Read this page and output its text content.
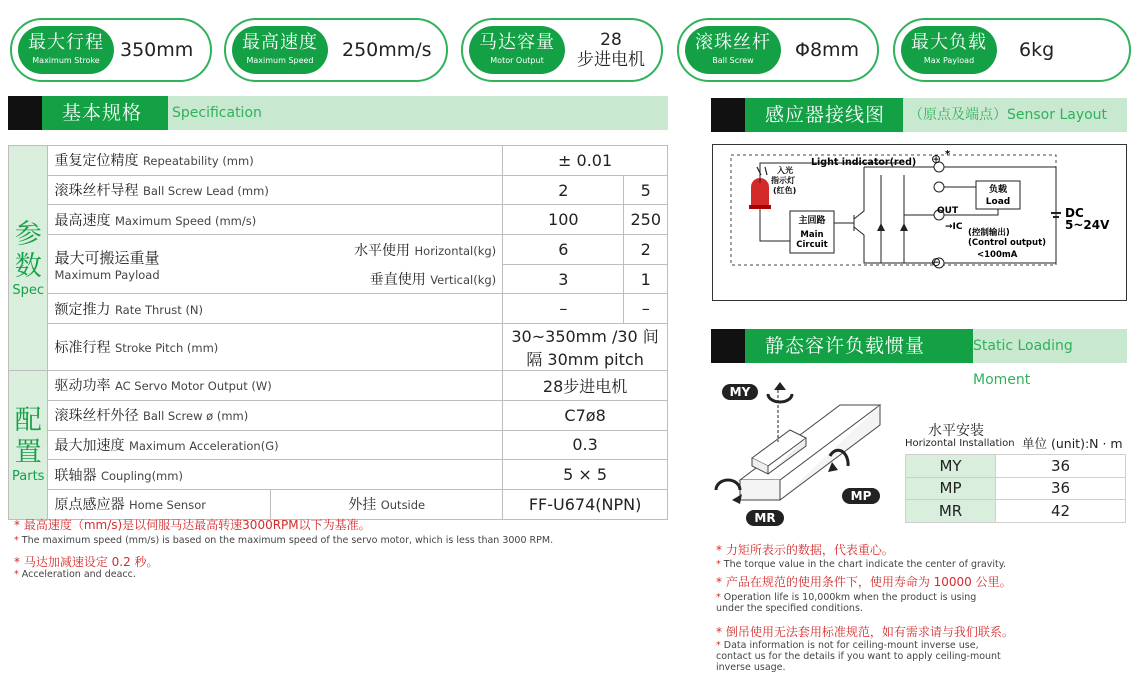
最大行程
Maximum Stroke	350mm	最高速度
Maximum Speed	250mm/s	马达容量
Motor Output
28
步进电机
滚珠丝杆
Ball Screw	Φ8mm	最大负载
Max Payload	6kg
基本规格	Specification
参
数
Spec	重复定位精度 Repeatability (mm)		± 0.01	
	滚珠丝杆导程 Ball Screw Lead (mm)		2	5
	最高速度 Maximum Speed (mm/s)		100	250

	最大可搬运重量
Maximum Payload	水平使用 Horizontal(kg)	6	2
		垂直使用 Vertical(kg)	3	1
	额定推力 Rate Thrust (N)		–	–
	标准行程 Stroke Pitch (mm)		30~350mm /30 间隔 30mm pitch	

配
置
Parts	驱动功率 AC Servo Motor Output (W)		28步进电机	
	滚珠丝杆外径 Ball Screw ø (mm)		C7ø8	
	最大加速度 Maximum Acceleration(G)		0.3	
	联轴器 Coupling(mm)		5 × 5	
	原点感应器 Home Sensor	外挂 Outside	FF-U674(NPN)	
* 最高速度（mm/s)是以伺服马达最高转速3000RPM以下为基准。
* The maximum speed (mm/s) is based on the maximum speed of the servo motor, which is less than 3000 RPM.
* 马达加减速设定 0.2 秒。
* Acceleration and deacc.
感应器接线图	（原点及端点）Sensor Layout
入光指示灯(红色)
Light indicator(red)
主回路
Main Circuit
⊕ *
⊖
负载
Load
OUT
→IC
(控制输出)
(Control output)
<100mA
DC 5~24V
静态容许负载惯量	Static Loading Moment
MY
MP
MR
水平安装
Horizontal Installation 单位 (unit):N · m
MY	36
MP	36
MR	42
* 力矩所表示的数据，代表重心。
* The torque value in the chart indicate the center of gravity.
* 产品在规范的使用条件下，使用寿命为 10000 公里。
* Operation life is 10,000km when the product is using under the specified conditions.
* 倒吊使用无法套用标准规范，如有需求请与我们联系。
* Data information is not for ceiling-mount inverse use, contact us for the details if you want to apply ceiling-mount inverse usage.
